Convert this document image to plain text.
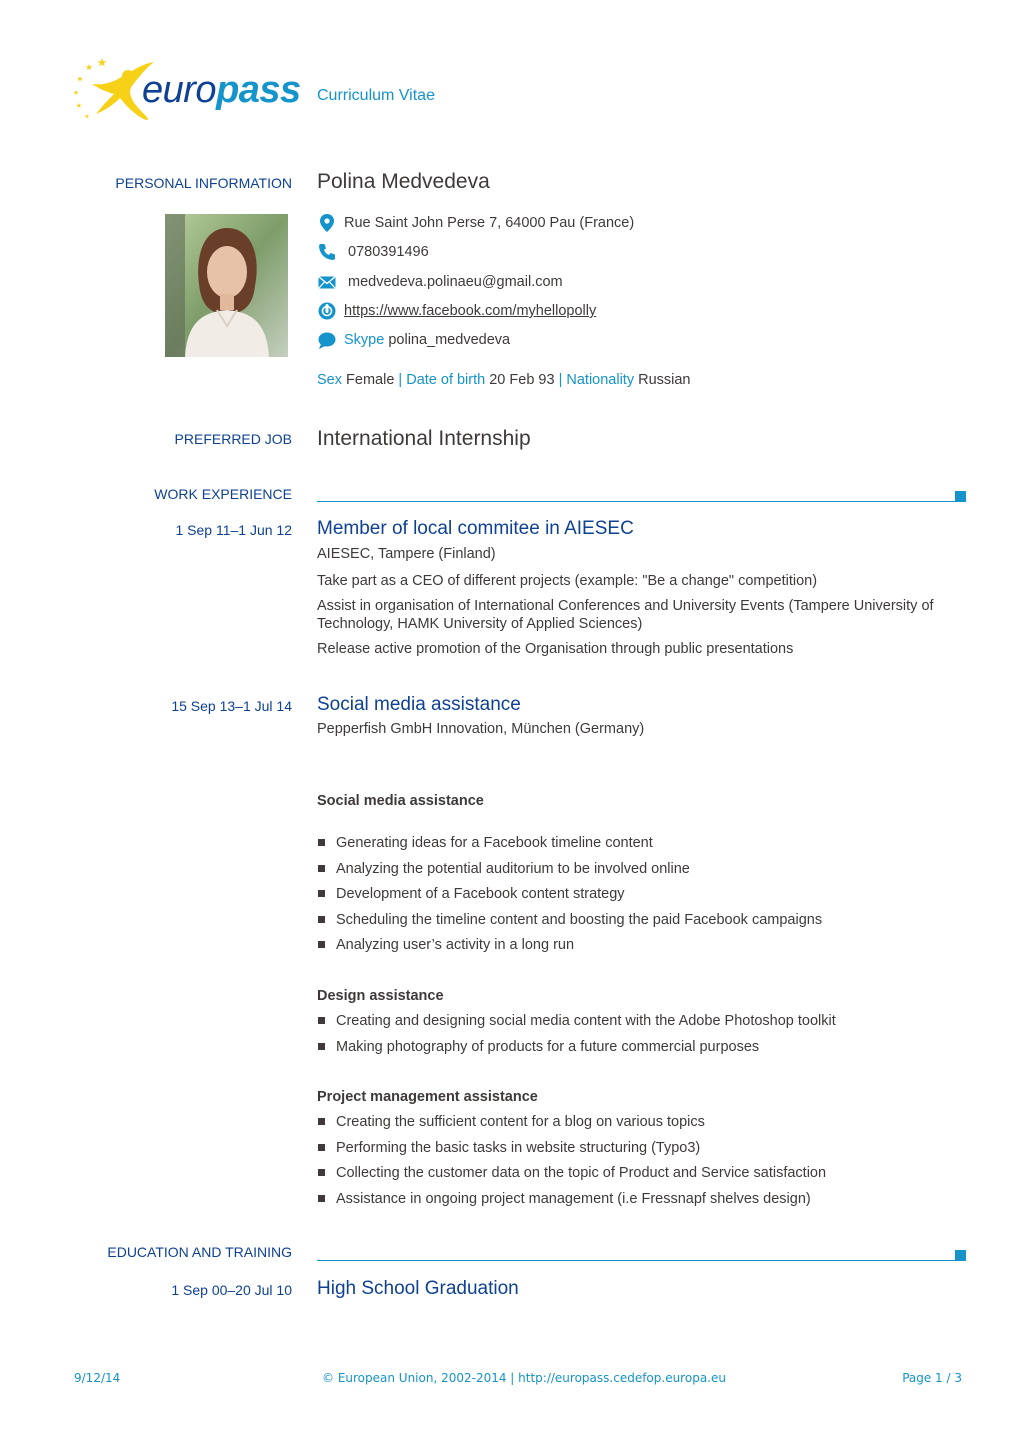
europass Curriculum Vitae
PERSONAL INFORMATION Polina Medvedeva
Rue Saint John Perse 7, 64000 Pau (France)
0780391496
medvedeva.polinaeu@gmail.com
https://www.facebook.com/myhellopolly
Skype
polina_medvedeva
Sex Female | Date of birth 20 Feb 93 | Nationality Russian
PREFERRED JOB International Internship
WORK EXPERIENCE
1 Sep 11–1 Jun 12 Member of local commitee in AIESEC
AIESEC, Tampere (Finland)
Take part as a CEO of different projects (example: "Be a change" competition)
Assist in organisation of International Conferences and University Events (Tampere University of Technology, HAMK University of Applied Sciences)
Release active promotion of the Organisation through public presentations
15 Sep 13–1 Jul 14 Social media assistance
Pepperfish GmbH Innovation, München (Germany)
Social media assistance
Generating ideas for a Facebook timeline content
Analyzing the potential auditorium to be involved online
Development of a Facebook content strategy
Scheduling the timeline content and boosting the paid Facebook campaigns
Analyzing user’s activity in a long run
Design assistance
Creating and designing social media content with the Adobe Photoshop toolkit
Making photography of products for a future commercial purposes
Project management assistance
Creating the sufficient content for a blog on various topics
Performing the basic tasks in website structuring (Typo3)
Collecting the customer data on the topic of Product and Service satisfaction
Assistance in ongoing project management (i.e Fressnapf shelves design)
EDUCATION AND TRAINING
1 Sep 00–20 Jul 10 High School Graduation
9/12/14	© European Union, 2002-2014 | http://europass.cedefop.europa.eu	Page 1 / 3
